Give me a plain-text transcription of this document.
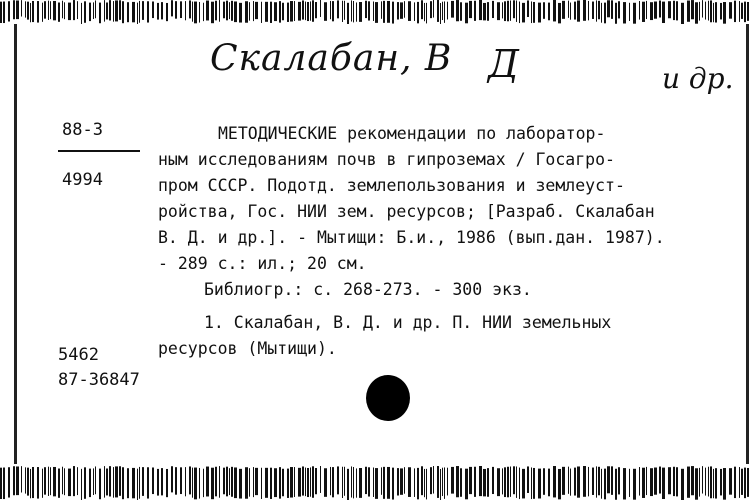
Скалабан, В Д	и др.
88-3
4994
МЕТОДИЧЕСКИЕ рекомендации по лаборатор-
ным исследованиям почв в гипроземах / Госагро-
пром СССР. Подотд. землепользования и землеуст-
ройства, Гос. НИИ зем. ресурсов; [Разраб. Скалабан
В. Д. и др.]. - Мытищи: Б.и., 1986 (вып.дан. 1987).
- 289 с.: ил.; 20 см.
Библиогр.: с. 268-273. - 300 экз.
1. Скалабан, В. Д. и др. П. НИИ земельных
ресурсов (Мытищи).
5462
87-36847
